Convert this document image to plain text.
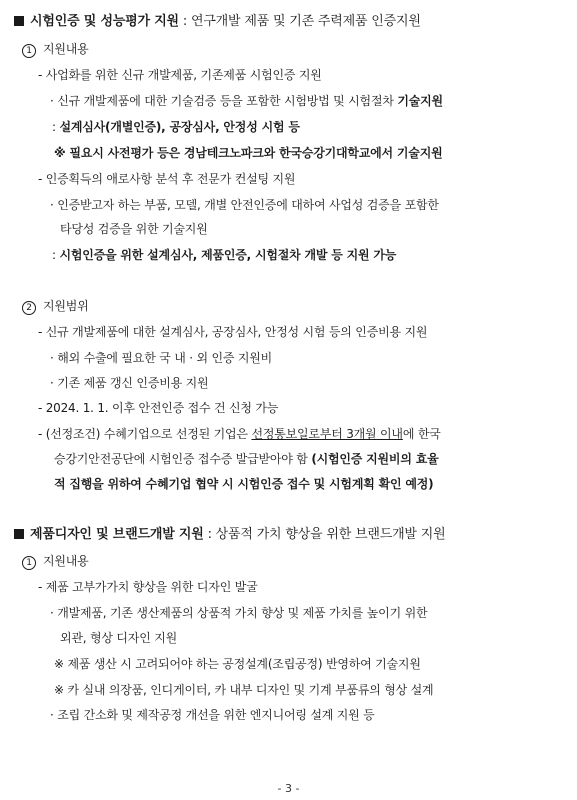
시험인증 및 성능평가 지원 : 연구개발 제품 및 기존 주력제품 인증지원
1 지원내용
- 사업화를 위한 신규 개발제품, 기존제품 시험인증 지원
· 신규 개발제품에 대한 기술검증 등을 포함한 시험방법 및 시험절차 기술지원
: 설계심사(개별인증), 공장심사, 안정성 시험 등
※ 필요시 사전평가 등은 경남테크노파크와 한국승강기대학교에서 기술지원
- 인증획득의 애로사항 분석 후 전문가 컨설팅 지원
· 인증받고자 하는 부품, 모델, 개별 안전인증에 대하여 사업성 검증을 포함한
타당성 검증을 위한 기술지원
: 시험인증을 위한 설계심사, 제품인증, 시험절차 개발 등 지원 가능
2 지원범위
- 신규 개발제품에 대한 설계심사, 공장심사, 안정성 시험 등의 인증비용 지원
· 해외 수출에 필요한 국 내 · 외 인증 지원비
· 기존 제품 갱신 인증비용 지원
- 2024. 1. 1. 이후 안전인증 접수 건 신청 가능
- (선정조건) 수혜기업으로 선정된 기업은 선정통보일로부터 3개월 이내에 한국
승강기안전공단에 시험인증 접수증 발급받아야 함 (시험인증 지원비의 효율
적 집행을 위하여 수혜기업 협약 시 시험인증 접수 및 시험계획 확인 예정)
제품디자인 및 브랜드개발 지원 : 상품적 가치 향상을 위한 브랜드개발 지원
1 지원내용
- 제품 고부가가치 향상을 위한 디자인 발굴
· 개발제품, 기존 생산제품의 상품적 가치 향상 및 제품 가치를 높이기 위한
외관, 형상 디자인 지원
※ 제품 생산 시 고려되어야 하는 공정설계(조립공정) 반영하여 기술지원
※ 카 실내 의장품, 인디게이터, 카 내부 디자인 및 기계 부품류의 형상 설계
· 조립 간소화 및 제작공정 개선을 위한 엔지니어링 설계 지원 등
- 3 -
